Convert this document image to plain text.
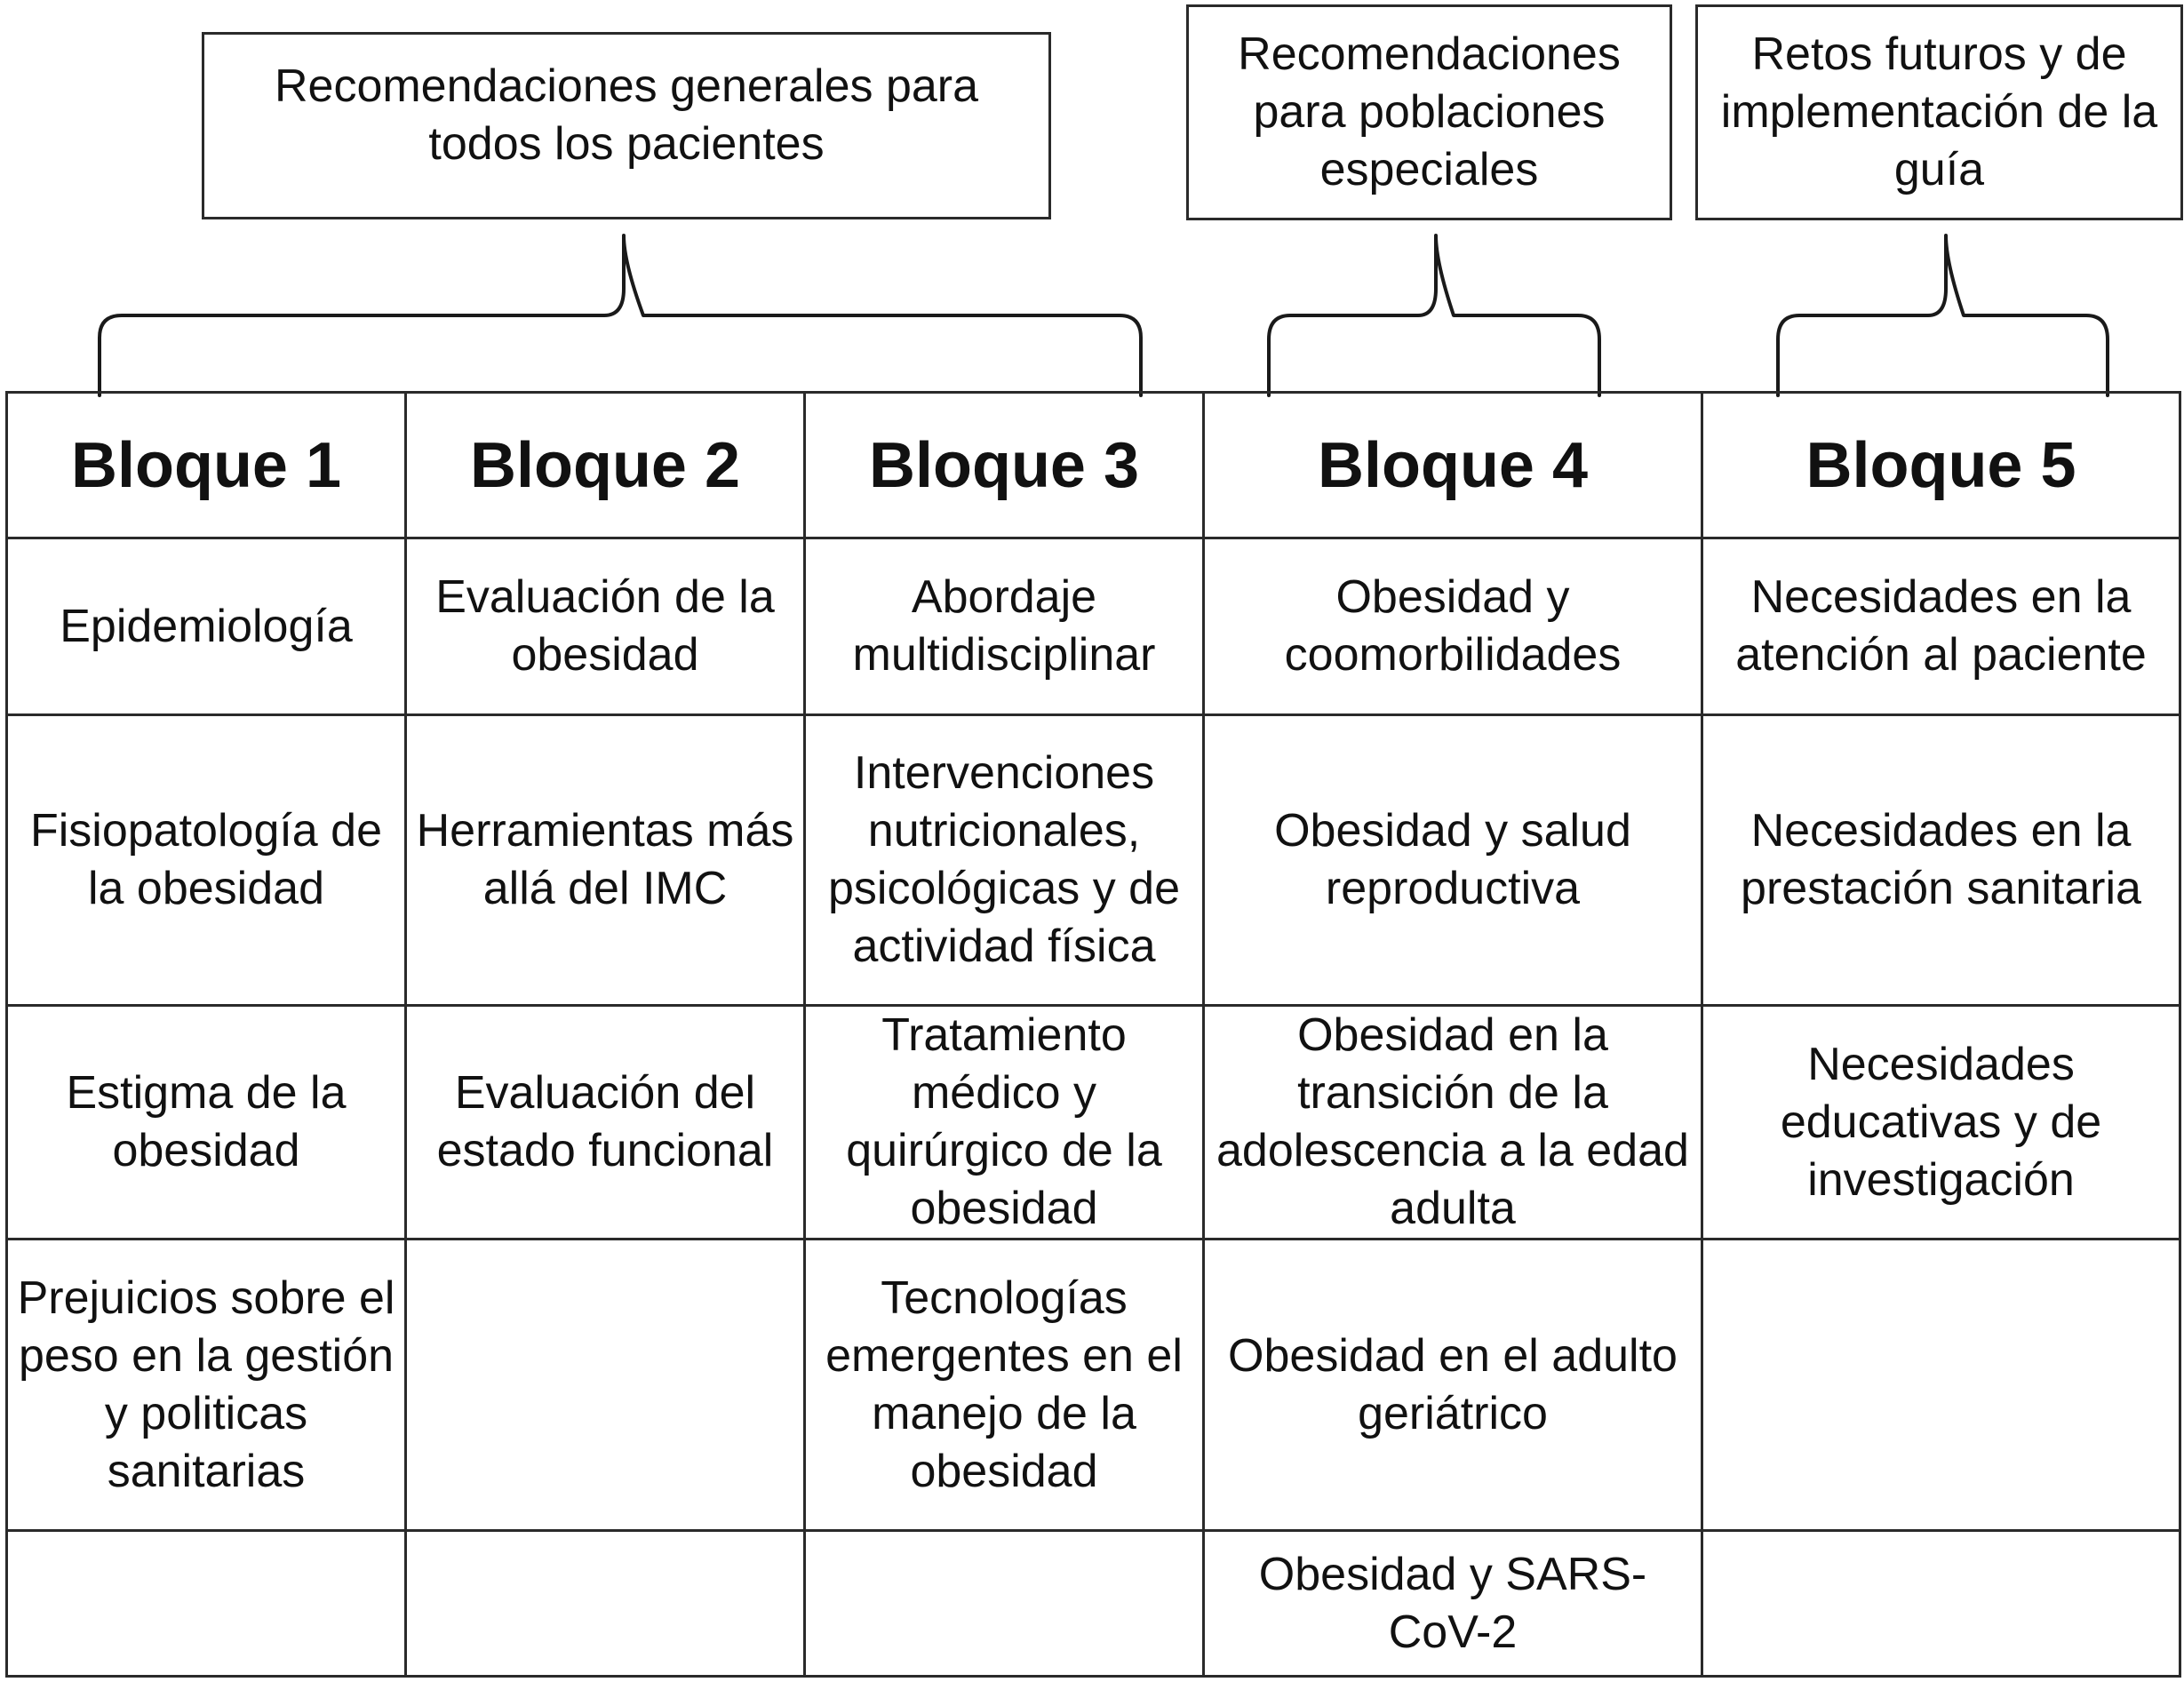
Recomendaciones generales para todos los pacientes
Recomendaciones para poblaciones especiales
Retos futuros y de implementación de la guía
Bloque 1	Bloque 2	Bloque 3	Bloque 4	Bloque 5
Epidemiología	Evaluación de la obesidad	Abordaje multidisciplinar	Obesidad y coomorbilidades	Necesidades en la atención al paciente
Fisiopatología de la obesidad	Herramientas más allá del IMC	Intervenciones nutricionales, psicológicas y de actividad física	Obesidad y salud reproductiva	Necesidades en la prestación sanitaria
Estigma de la obesidad	Evaluación del estado funcional	Tratamiento médico y quirúrgico de la obesidad	Obesidad en la transición de la adolescencia a la edad adulta	Necesidades educativas y de investigación
Prejuicios sobre el peso en la gestión y politicas sanitarias		Tecnologías emergentes en el manejo de la obesidad	Obesidad en el adulto geriátrico	
			Obesidad y SARS-CoV-2	
